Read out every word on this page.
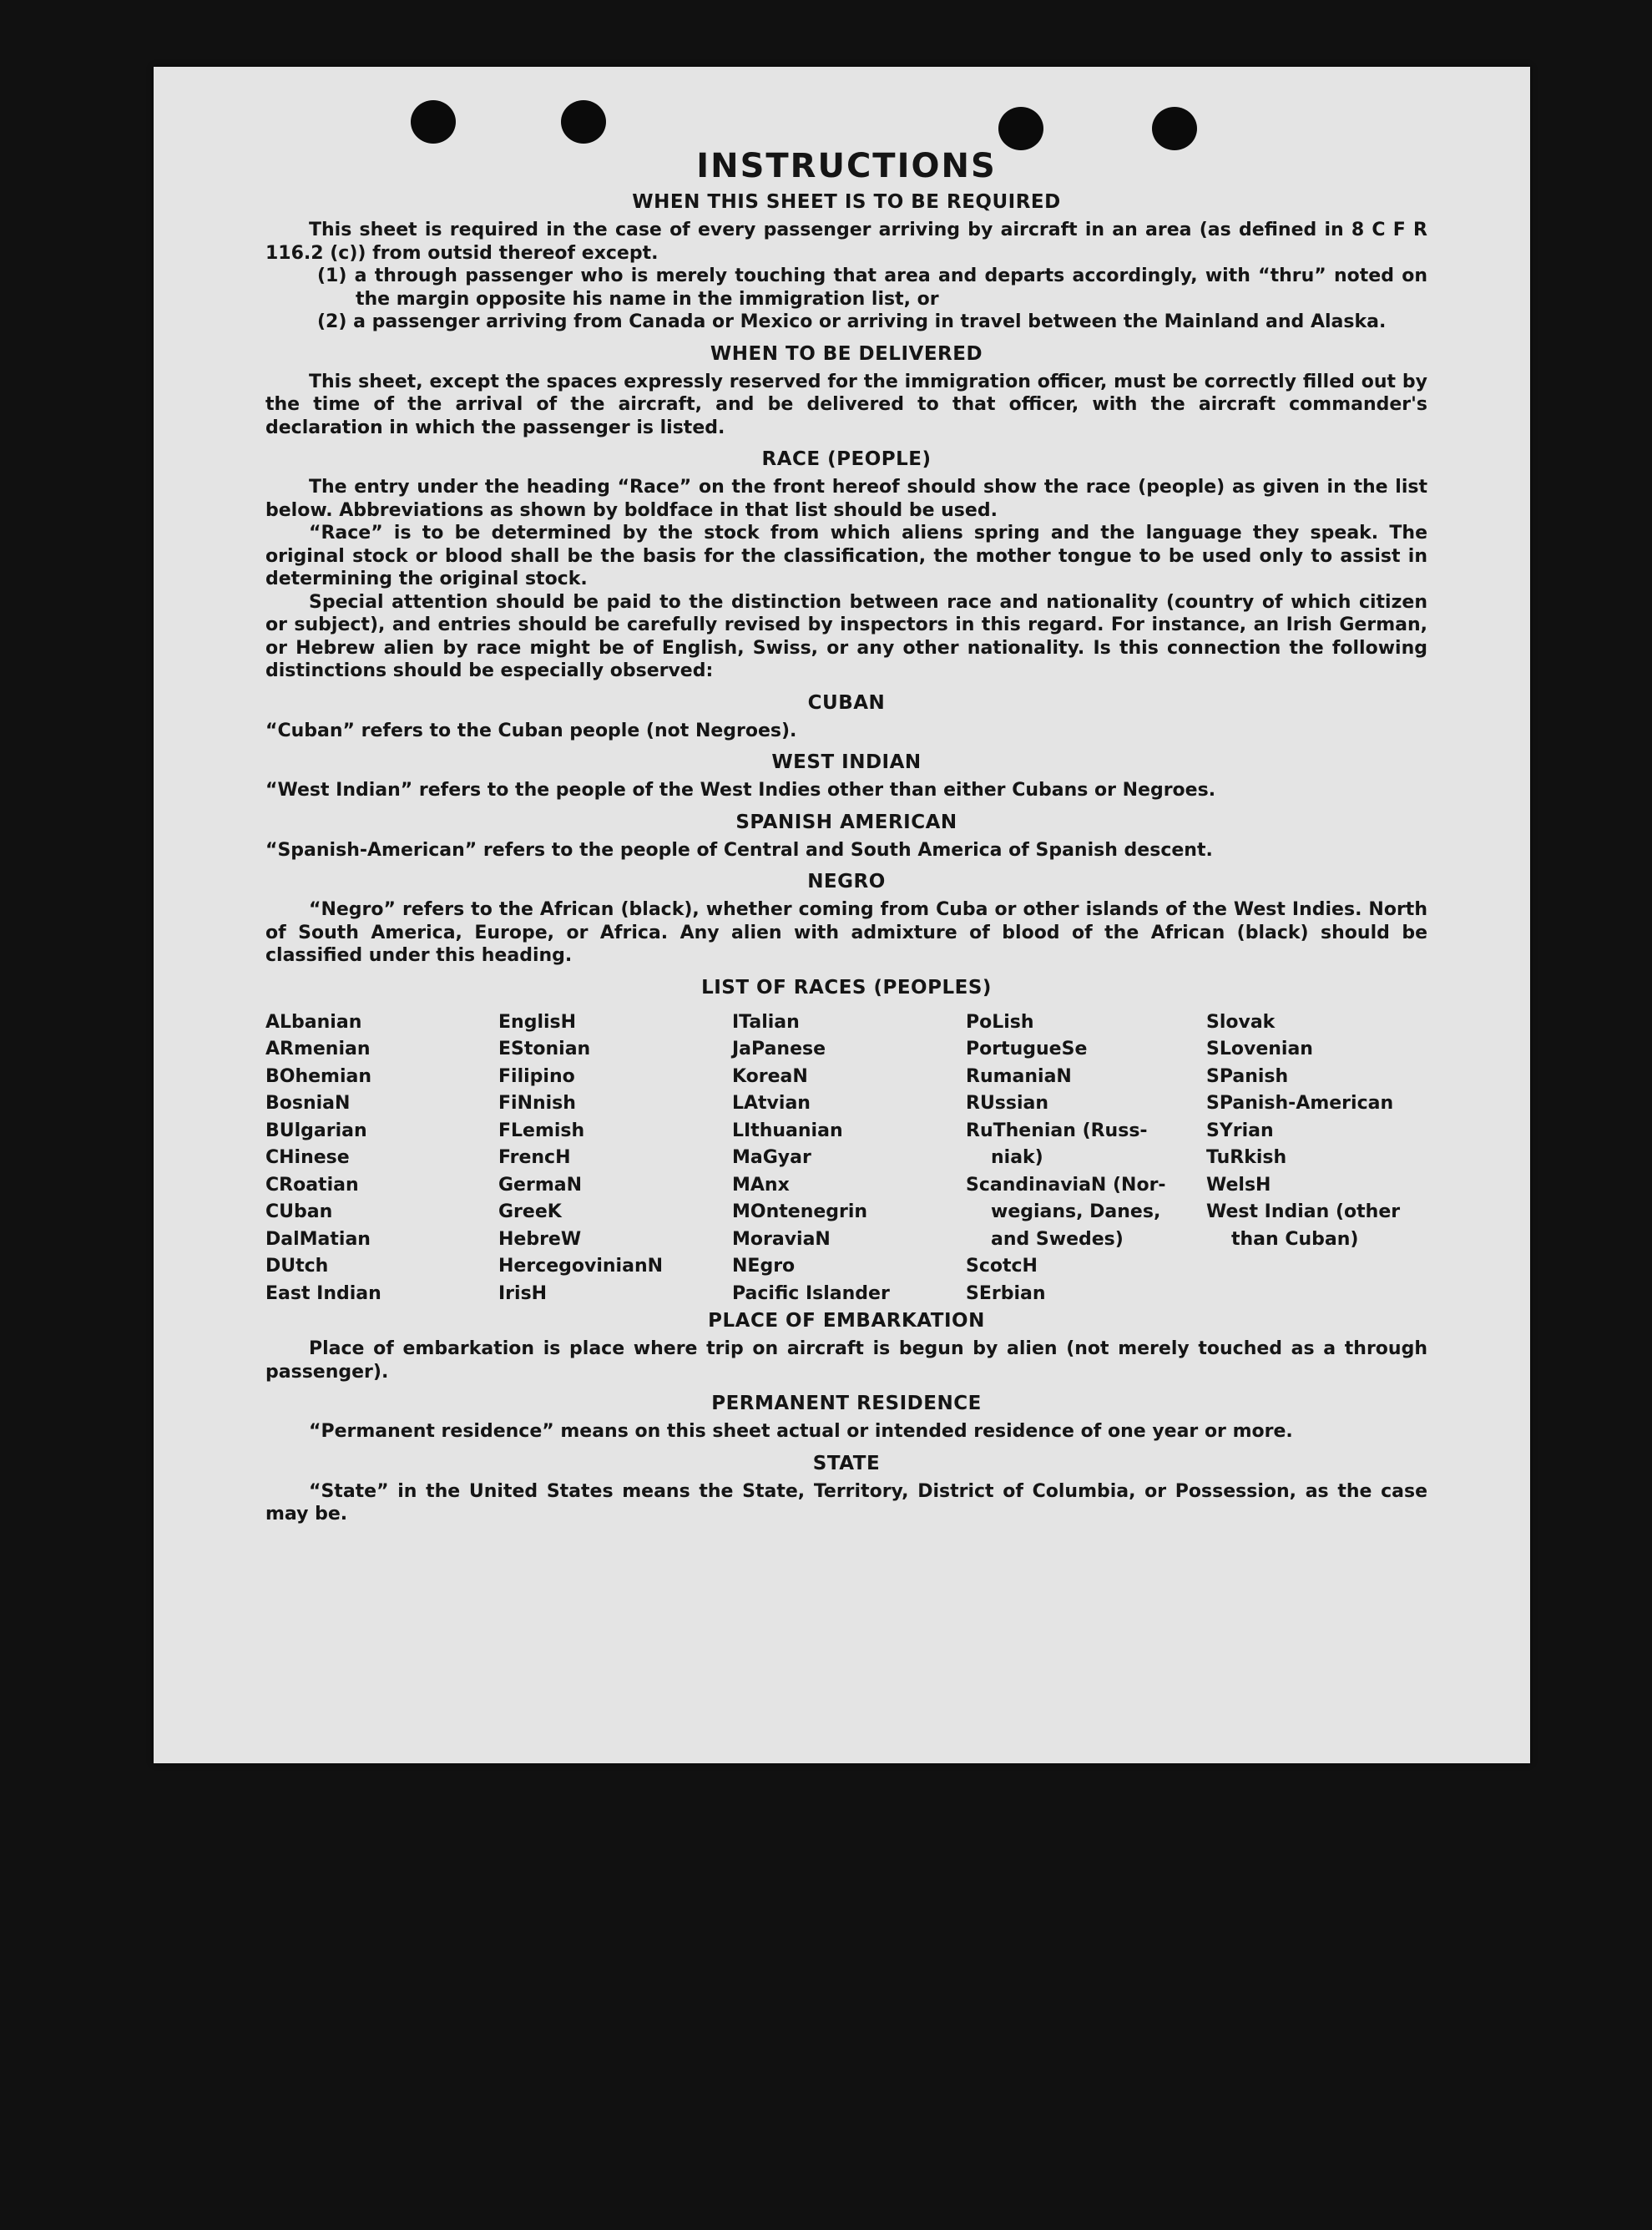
INSTRUCTIONS
WHEN THIS SHEET IS TO BE REQUIRED

This sheet is required in the case of every passenger arriving by aircraft in an area (as defined in 8 C F R 116.2 (c)) from outsid thereof except.

(1) a through passenger who is merely touching that area and departs accordingly, with “thru” noted on the margin opposite his name in the immigration list, or

(2) a passenger arriving from Canada or Mexico or arriving in travel between the Mainland and Alaska.

WHEN TO BE DELIVERED

This sheet, except the spaces expressly reserved for the immigration officer, must be correctly filled out by the time of the arrival of the aircraft, and be delivered to that officer, with the aircraft commander's declaration in which the passenger is listed.

RACE (PEOPLE)

The entry under the heading “Race” on the front hereof should show the race (people) as given in the list below. Abbreviations as shown by boldface in that list should be used.

“Race” is to be determined by the stock from which aliens spring and the language they speak. The original stock or blood shall be the basis for the classification, the mother tongue to be used only to assist in determining the original stock.

Special attention should be paid to the distinction between race and nationality (country of which citizen or subject), and entries should be carefully revised by inspectors in this regard. For instance, an Irish German, or Hebrew alien by race might be of English, Swiss, or any other nationality. Is this connection the following distinctions should be especially observed:

CUBAN

“Cuban” refers to the Cuban people (not Negroes).

WEST INDIAN

“West Indian” refers to the people of the West Indies other than either Cubans or Negroes.

SPANISH AMERICAN

“Spanish-American” refers to the people of Central and South America of Spanish descent.

NEGRO

“Negro” refers to the African (black), whether coming from Cuba or other islands of the West Indies. North of South America, Europe, or Africa. Any alien with admixture of blood of the African (black) should be classified under this heading.

LIST OF RACES (PEOPLES)
ALbanian
ARmenian
BOhemian
BosniaN
BUlgarian
CHinese
CRoatian
CUban
DalMatian
DUtch
East Indian
EnglisH
EStonian
Filipino
FiNnish
FLemish
FrencH
GermaN
GreeK
HebreW
HercegovinianN
IrisH
ITalian
JaPanese
KoreaN
LAtvian
LIthuanian
MaGyar
MAnx
MOntenegrin
MoraviaN
NEgro
Pacific Islander
PoLish
PortugueSe
RumaniaN
RUssian
RuThenian (Russ-
niak)
ScandinaviaN (Nor-
wegians, Danes,
and Swedes)
ScotcH
SErbian
Slovak
SLovenian
SPanish
SPanish-American
SYrian
TuRkish
WelsH
West Indian (other
than Cuban)
PLACE OF EMBARKATION

Place of embarkation is place where trip on aircraft is begun by alien (not merely touched as a through passenger).

PERMANENT RESIDENCE

“Permanent residence” means on this sheet actual or intended residence of one year or more.

STATE

“State” in the United States means the State, Territory, District of Columbia, or Possession, as the case may be.
